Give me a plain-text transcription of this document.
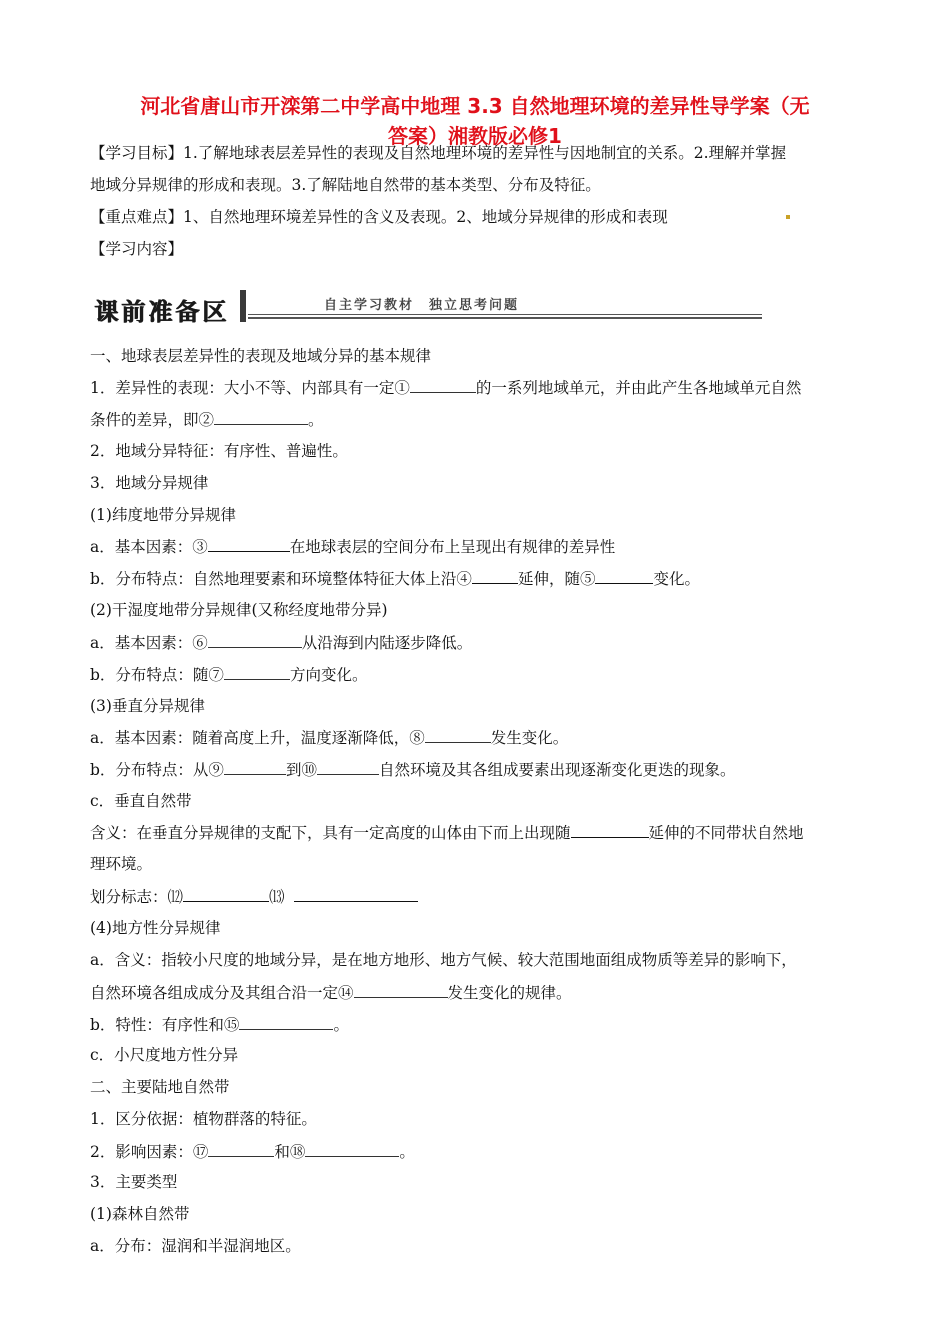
河北省唐山市开滦第二中学高中地理 3.3 自然地理环境的差异性导学案（无
答案）湘教版必修1
【学习目标】1.了解地球表层差异性的表现及自然地理环境的差异性与因地制宜的关系。2.理解并掌握
地域分异规律的形成和表现。3.了解陆地自然带的基本类型、分布及特征。
【重点难点】1、自然地理环境差异性的含义及表现。2、地域分异规律的形成和表现
【学习内容】
课前准备区	自主学习教材　独立思考问题
一、地球表层差异性的表现及地域分异的基本规律
1．差异性的表现：大小不等、内部具有一定①	的一系列地域单元，并由此产生各地域单元自然
条件的差异，即②	。
2．地域分异特征：有序性、普遍性。
3．地域分异规律
(1)纬度地带分异规律
a．基本因素：③	在地球表层的空间分布上呈现出有规律的差异性
b．分布特点：自然地理要素和环境整体特征大体上沿④	延伸，随⑤	变化。
(2)干湿度地带分异规律(又称经度地带分异)
a．基本因素：⑥	从沿海到内陆逐步降低。
b．分布特点：随⑦	方向变化。
(3)垂直分异规律
a．基本因素：随着高度上升，温度逐渐降低，⑧	发生变化。
b．分布特点：从⑨	到⑩	自然环境及其各组成要素出现逐渐变化更迭的现象。
c．垂直自然带
含义：在垂直分异规律的支配下，具有一定高度的山体由下而上出现随	延伸的不同带状自然地
理环境。
划分标志：⑿	⒀
(4)地方性分异规律
a．含义：指较小尺度的地域分异，是在地方地形、地方气候、较大范围地面组成物质等差异的影响下，
自然环境各组成成分及其组合沿一定⑭	发生变化的规律。
b．特性：有序性和⑮	。
c．小尺度地方性分异
二、主要陆地自然带
1．区分依据：植物群落的特征。
2．影响因素：⑰	和⑱	。
3．主要类型
(1)森林自然带
a．分布：湿润和半湿润地区。
